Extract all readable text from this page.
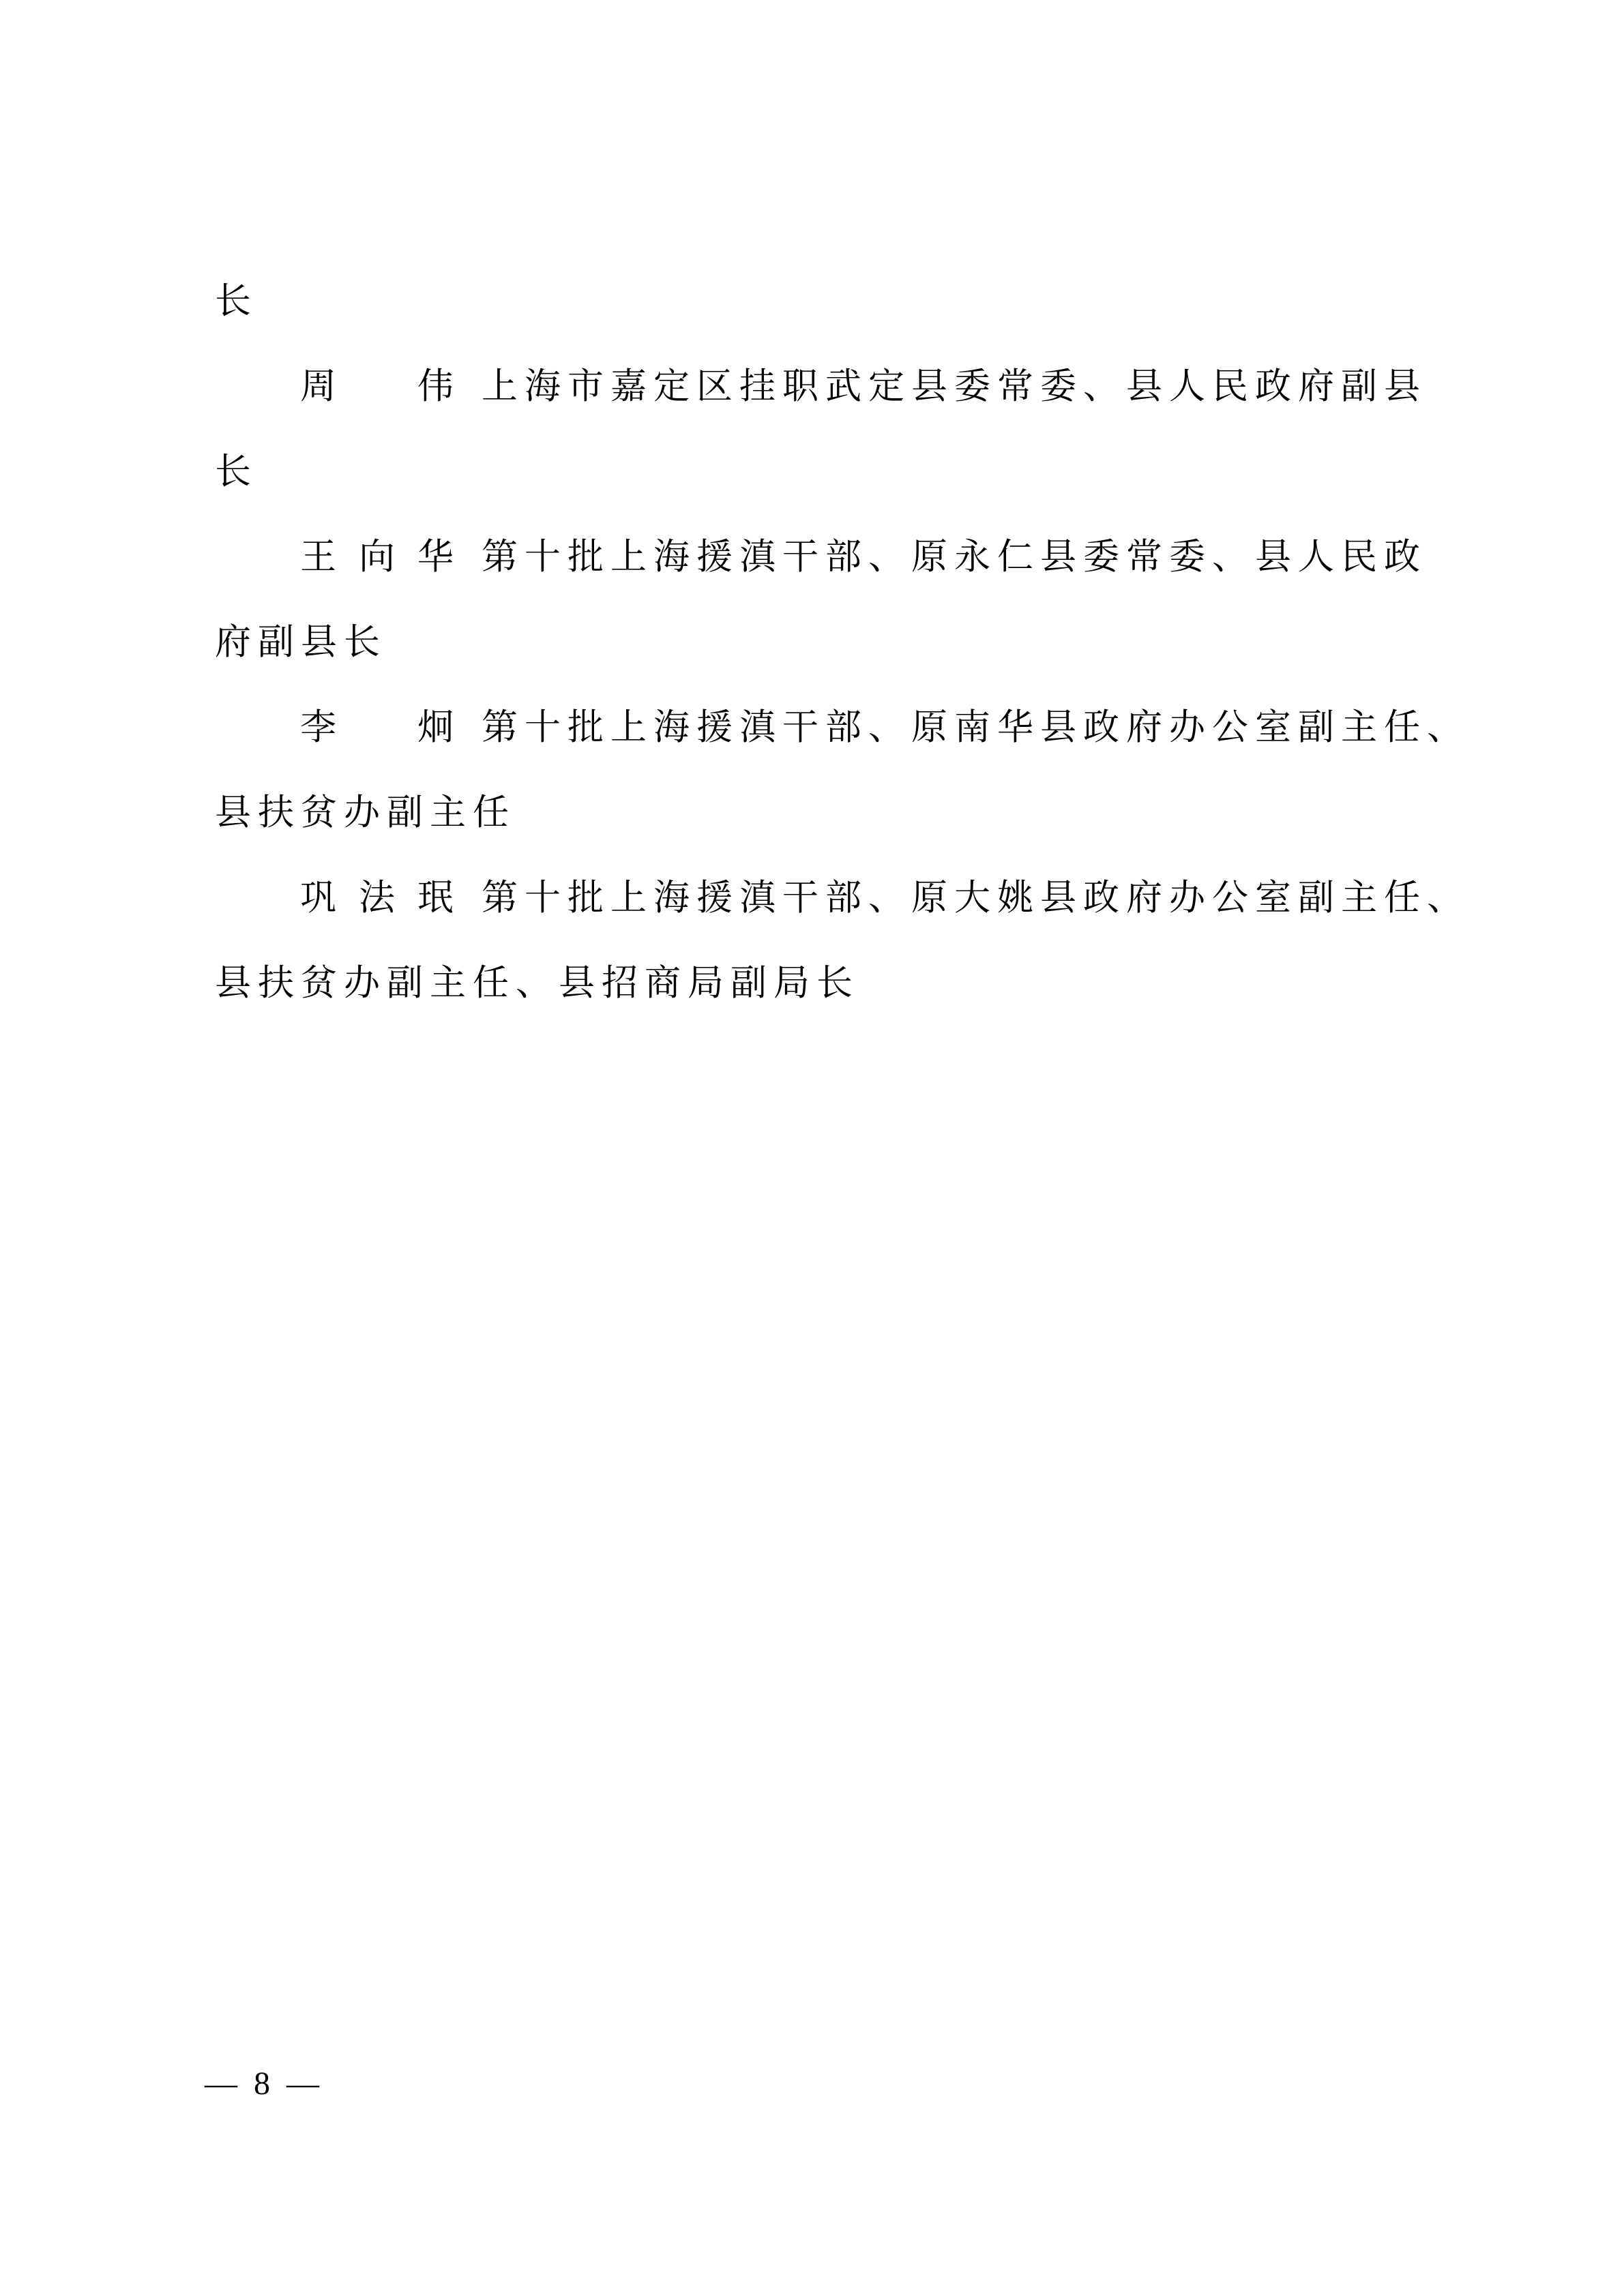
长
周
　 伟 上海市嘉定区挂职武定县委常委、县人民政府副县
长
王 向 华 第十批上海援滇干部、原永仁县委常委、县人民政
府副县长
李
　 炯 第十批上海援滇干部、原南华县政府办公室副主任、
县扶贫办副主任
巩 法 珉 第十批上海援滇干部、原大姚县政府办公室副主任、
县扶贫办副主任、县招商局副局长
— 8 —
